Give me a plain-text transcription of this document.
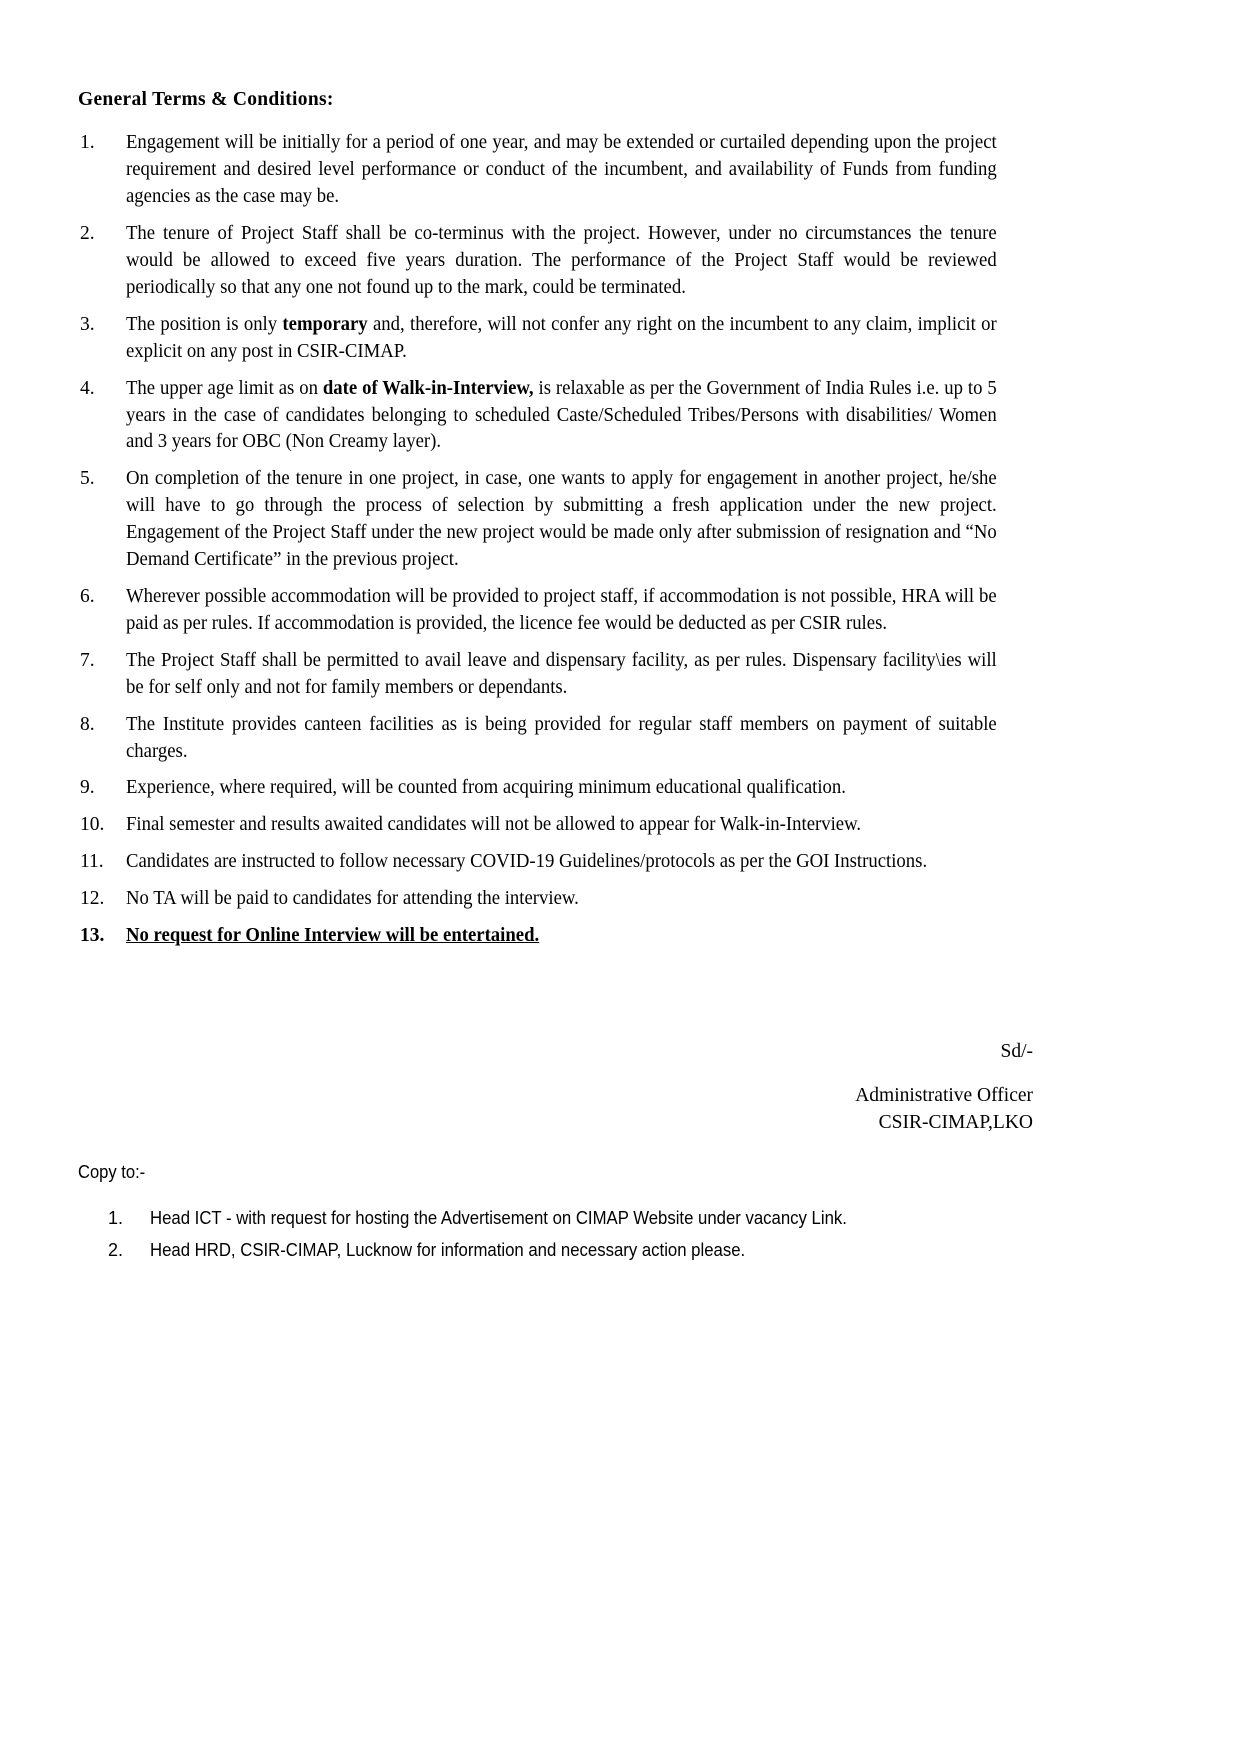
General Terms & Conditions:
1.	Engagement will be initially for a period of one year, and may be extended or curtailed depending upon the project requirement and desired level performance or conduct of the incumbent, and availability of Funds from funding agencies as the case may be.
2.	The tenure of Project Staff shall be co-terminus with the project. However, under no circumstances the tenure would be allowed to exceed five years duration. The performance of the Project Staff would be reviewed periodically so that any one not found up to the mark, could be terminated.
3.	The position is only temporary and, therefore, will not confer any right on the incumbent to any claim, implicit or explicit on any post in CSIR-CIMAP.
4.	The upper age limit as on date of Walk-in-Interview, is relaxable as per the Government of India Rules i.e. up to 5 years in the case of candidates belonging to scheduled Caste/Scheduled Tribes/Persons with disabilities/ Women and 3 years for OBC (Non Creamy layer).
5.	On completion of the tenure in one project, in case, one wants to apply for engagement in another project, he/she will have to go through the process of selection by submitting a fresh application under the new project. Engagement of the Project Staff under the new project would be made only after submission of resignation and “No Demand Certificate” in the previous project.
6.	Wherever possible accommodation will be provided to project staff, if accommodation is not possible, HRA will be paid as per rules. If accommodation is provided, the licence fee would be deducted as per CSIR rules.
7.	The Project Staff shall be permitted to avail leave and dispensary facility, as per rules. Dispensary facility\ies will be for self only and not for family members or dependants.
8.	The Institute provides canteen facilities as is being provided for regular staff members on payment of suitable charges.
9.	Experience, where required, will be counted from acquiring minimum educational qualification.
10.	Final semester and results awaited candidates will not be allowed to appear for Walk-in-Interview.
11.	Candidates are instructed to follow necessary COVID-19 Guidelines/protocols as per the GOI Instructions.
12.	No TA will be paid to candidates for attending the interview.
13.	No request for Online Interview will be entertained.
Sd/-
Administrative Officer
CSIR-CIMAP,LKO
Copy to:-
1.	Head ICT - with request for hosting the Advertisement on CIMAP Website under vacancy Link.
2.	Head HRD, CSIR-CIMAP, Lucknow for information and necessary action please.
